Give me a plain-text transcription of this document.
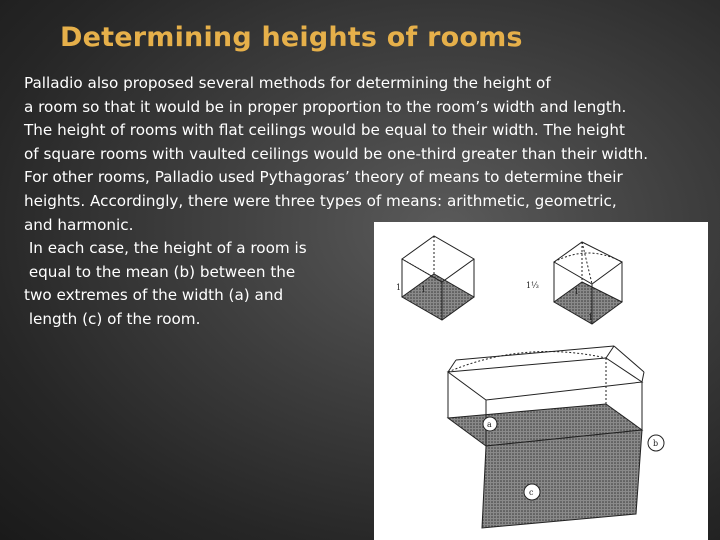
Determining heights of rooms
Palladio also proposed several methods for determining the height of
a room so that it would be in proper proportion to the room’s width and length.
The height of rooms with flat ceilings would be equal to their width. The height
of square rooms with vaulted ceilings would be one-third greater than their width.
For other rooms, Palladio used Pythagoras’ theory of means to determine their
heights. Accordingly, there were three types of means: arithmetic, geometric,
and harmonic.
In each case, the height of a room is
equal to the mean (b) between the
two extremes of the width (a) and
length (c) of the room.
1 1	1⅓
1
1
a
b
c
